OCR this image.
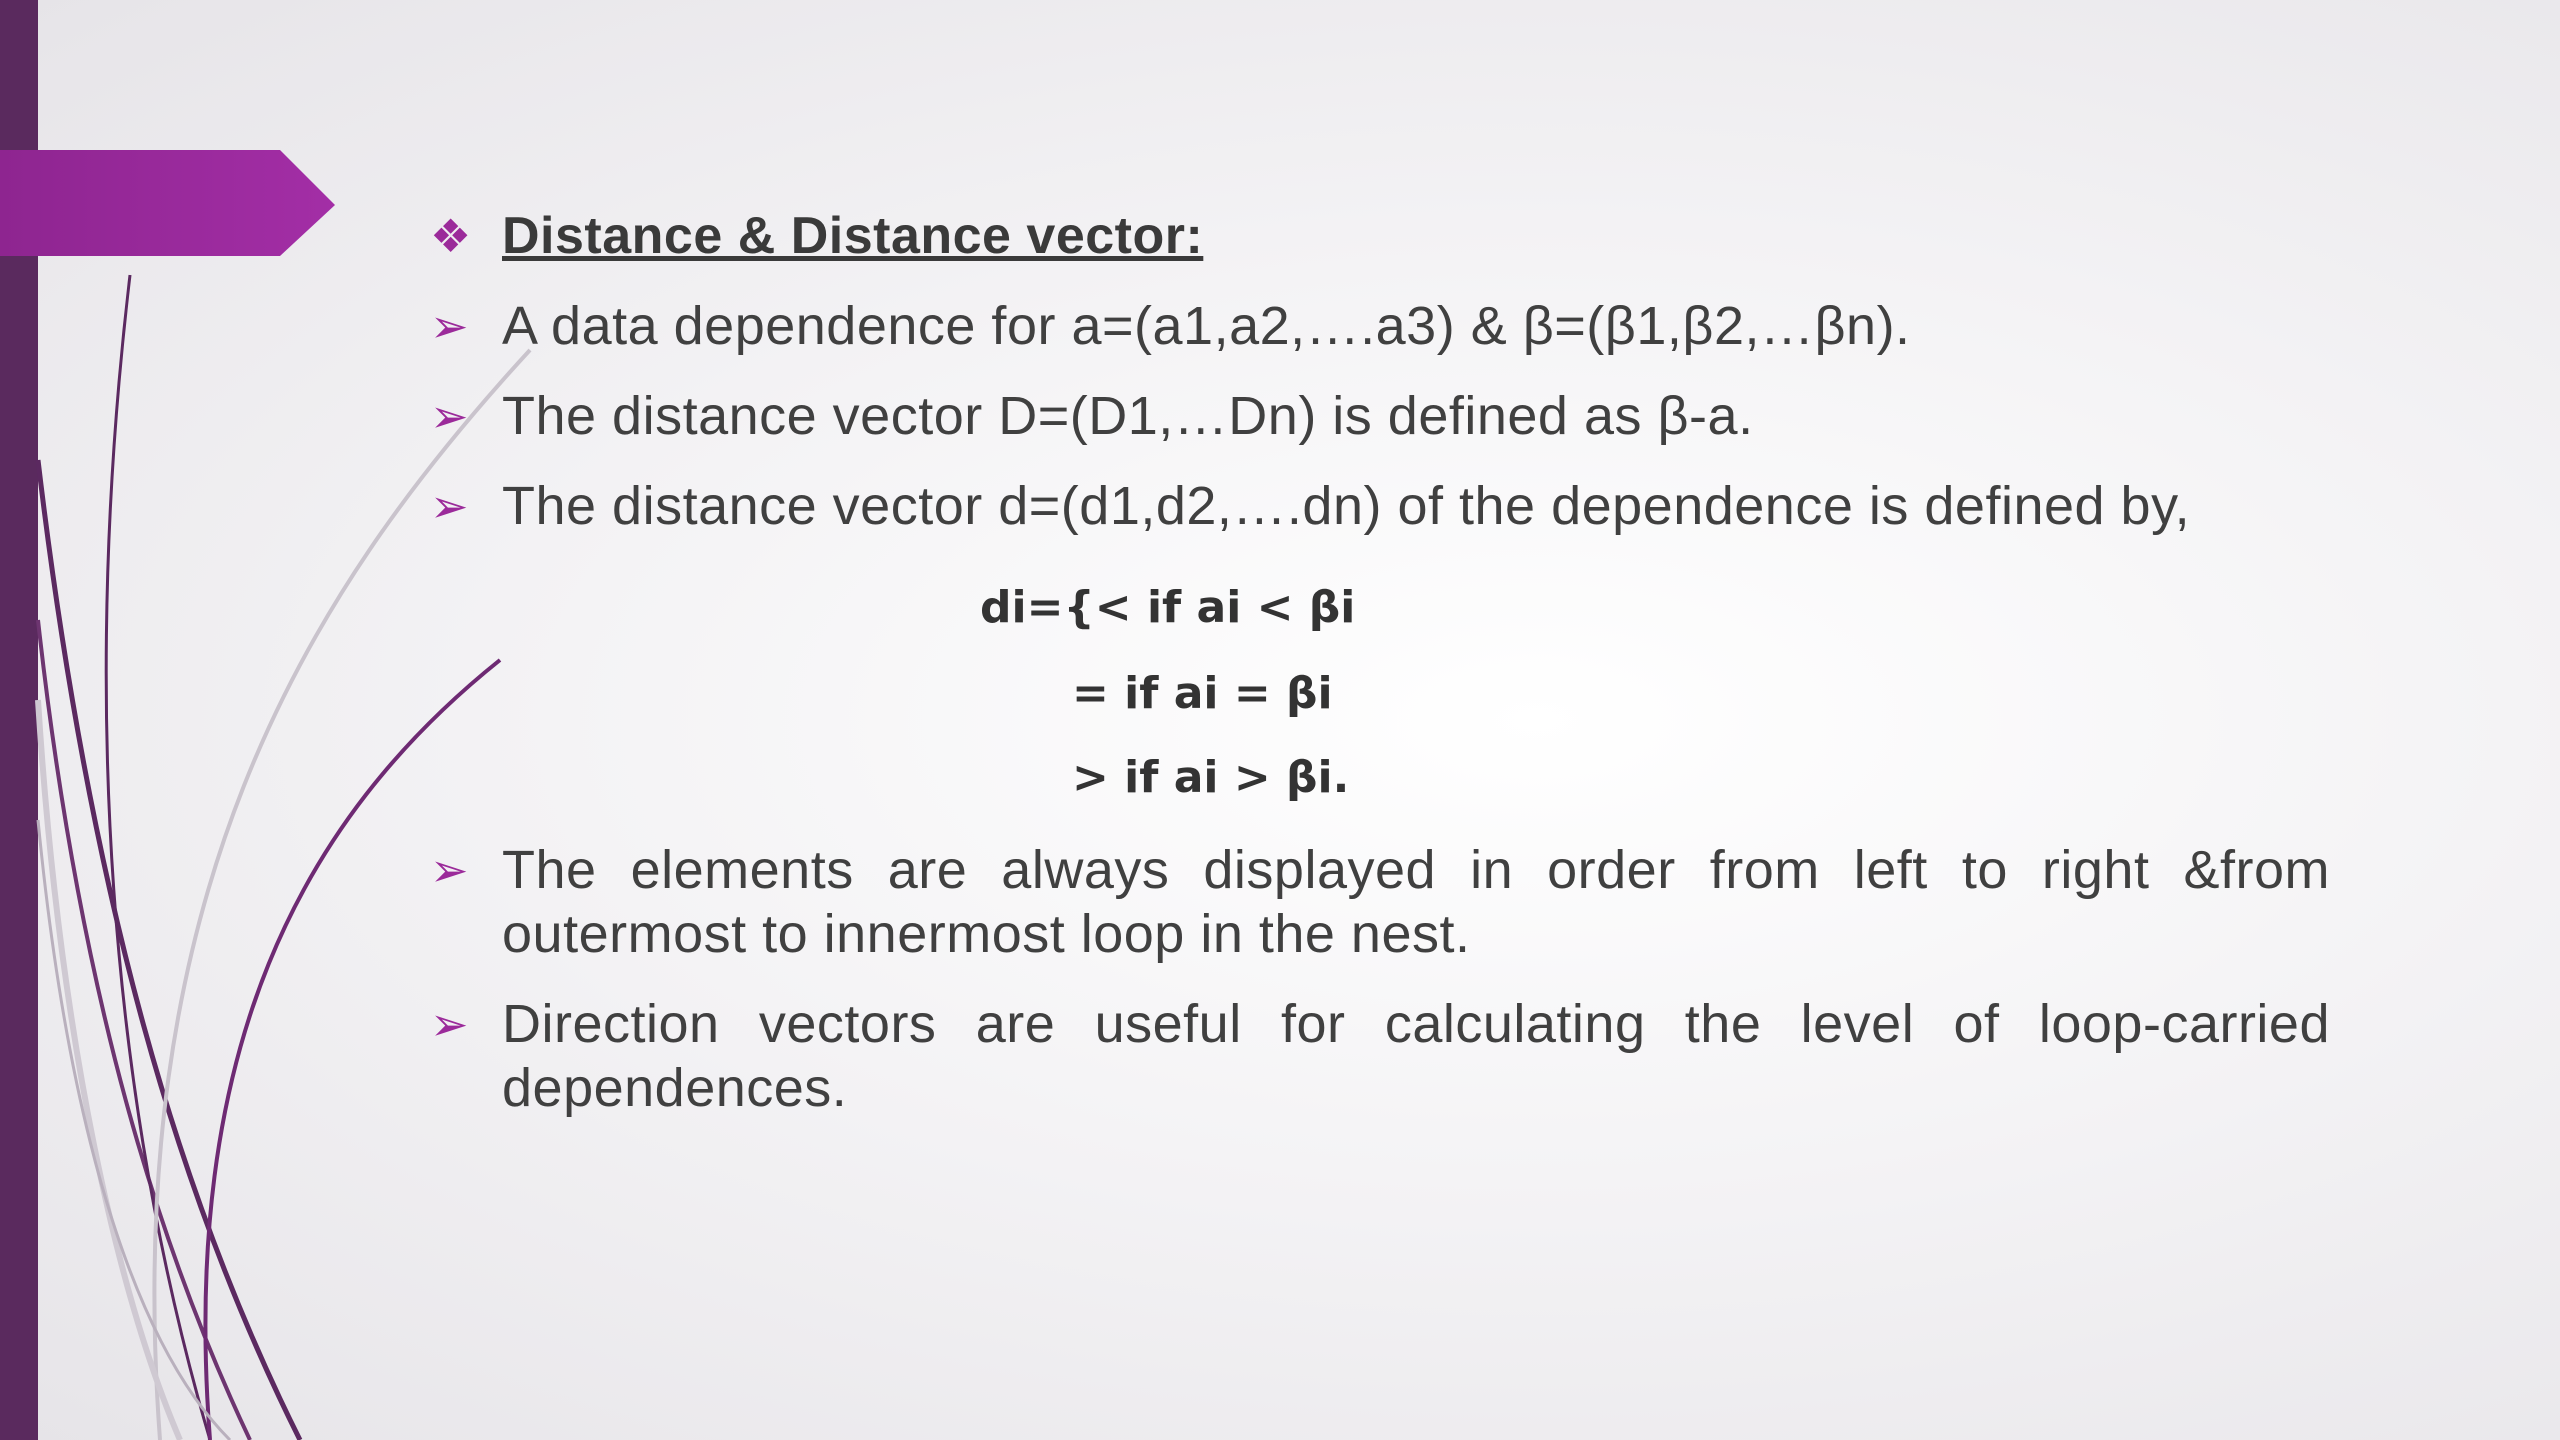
❖ Distance & Distance vector:
➢ A data dependence for a=(a1,a2,….a3) & β=(β1,β2,…βn).
➢ The distance vector D=(D1,…Dn) is defined as β-a.
➢ The distance vector d=(d1,d2,….dn) of the dependence is defined by,
di={< if ai < βi
= if ai = βi
> if ai > βi.
➢ The elements are always displayed in order from left to right &from outermost to innermost loop in the nest.
➢ Direction vectors are useful for calculating the level of loop-carried dependences.
